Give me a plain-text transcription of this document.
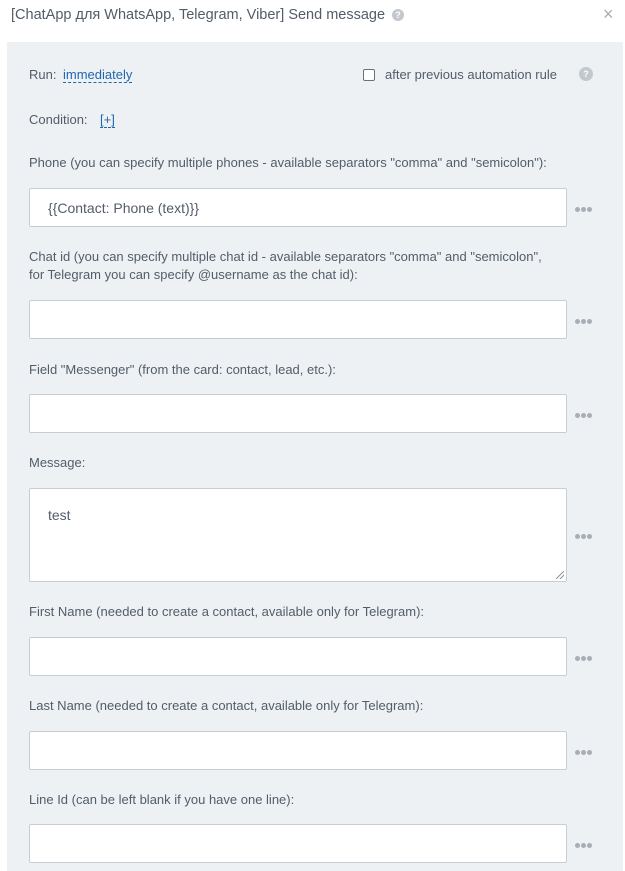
[ChatApp для WhatsApp, Telegram, Viber] Send message ?	×
Run: immediately	after previous automation rule	?
Condition: [+]
Phone (you can specify multiple phones - available separators "comma" and "semicolon"):
{{Contact: Phone (text)}}
Chat id (you can specify multiple chat id - available separators "comma" and "semicolon",
for Telegram you can specify @username as the chat id):
Field "Messenger" (from the card: contact, lead, etc.):
Message:
test
First Name (needed to create a contact, available only for Telegram):
Last Name (needed to create a contact, available only for Telegram):
Line Id (can be left blank if you have one line):
